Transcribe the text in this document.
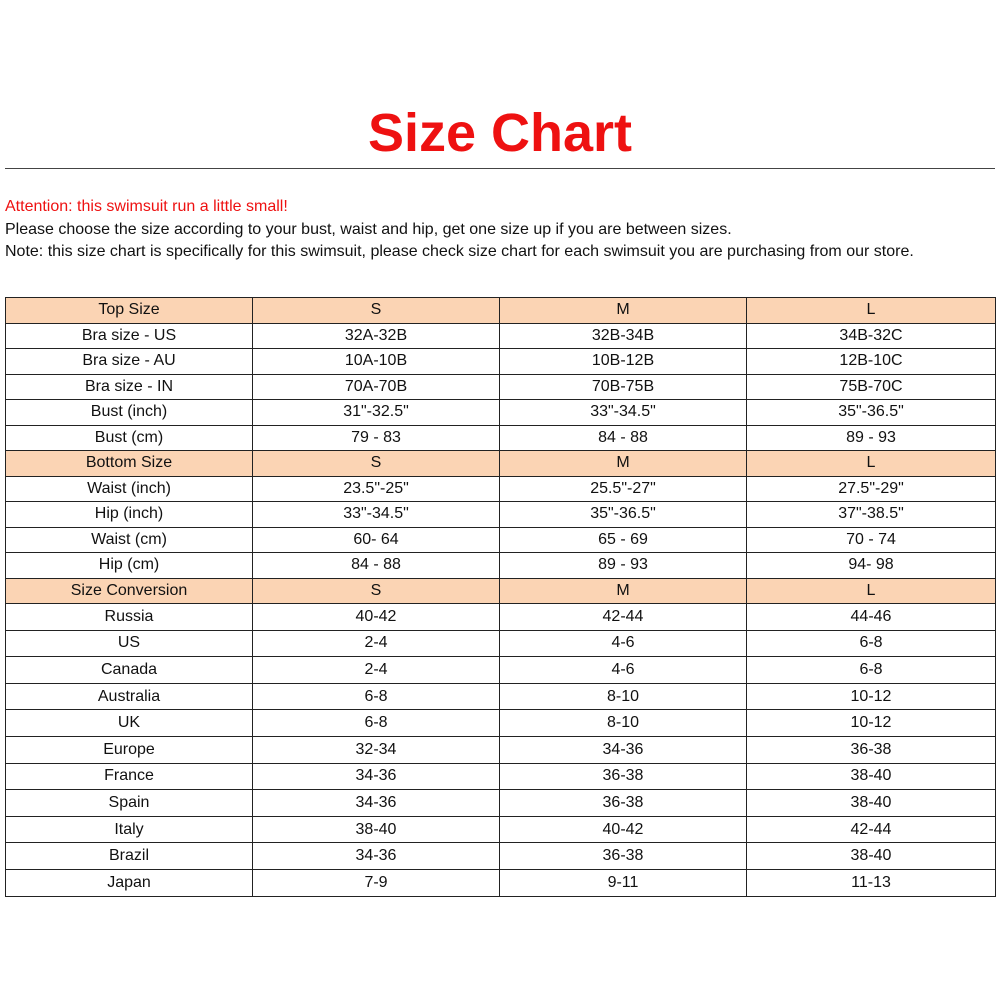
Size Chart
Attention: this swimsuit run a little small!
Please choose the size according to your bust, waist and hip, get one size up if you are between sizes.
Note: this size chart is specifically for this swimsuit, please check size chart for each swimsuit you are purchasing from our store.
Top Size	S	M	L
Bra size - US	32A-32B	32B-34B	34B-32C
Bra size - AU	10A-10B	10B-12B	12B-10C
Bra size - IN	70A-70B	70B-75B	75B-70C
Bust (inch)	31"-32.5"	33"-34.5"	35"-36.5"
Bust (cm)	79 - 83	84 - 88	89 - 93
Bottom Size	S	M	L
Waist (inch)	23.5"-25"	25.5"-27"	27.5"-29"
Hip (inch)	33"-34.5"	35"-36.5"	37"-38.5"
Waist (cm)	60- 64	65 - 69	70 - 74
Hip (cm)	84 - 88	89 - 93	94- 98
Size Conversion	S	M	L
Russia	40-42	42-44	44-46
US	2-4	4-6	6-8
Canada	2-4	4-6	6-8
Australia	6-8	8-10	10-12
UK	6-8	8-10	10-12
Europe	32-34	34-36	36-38
France	34-36	36-38	38-40
Spain	34-36	36-38	38-40
Italy	38-40	40-42	42-44
Brazil	34-36	36-38	38-40
Japan	7-9	9-11	11-13
